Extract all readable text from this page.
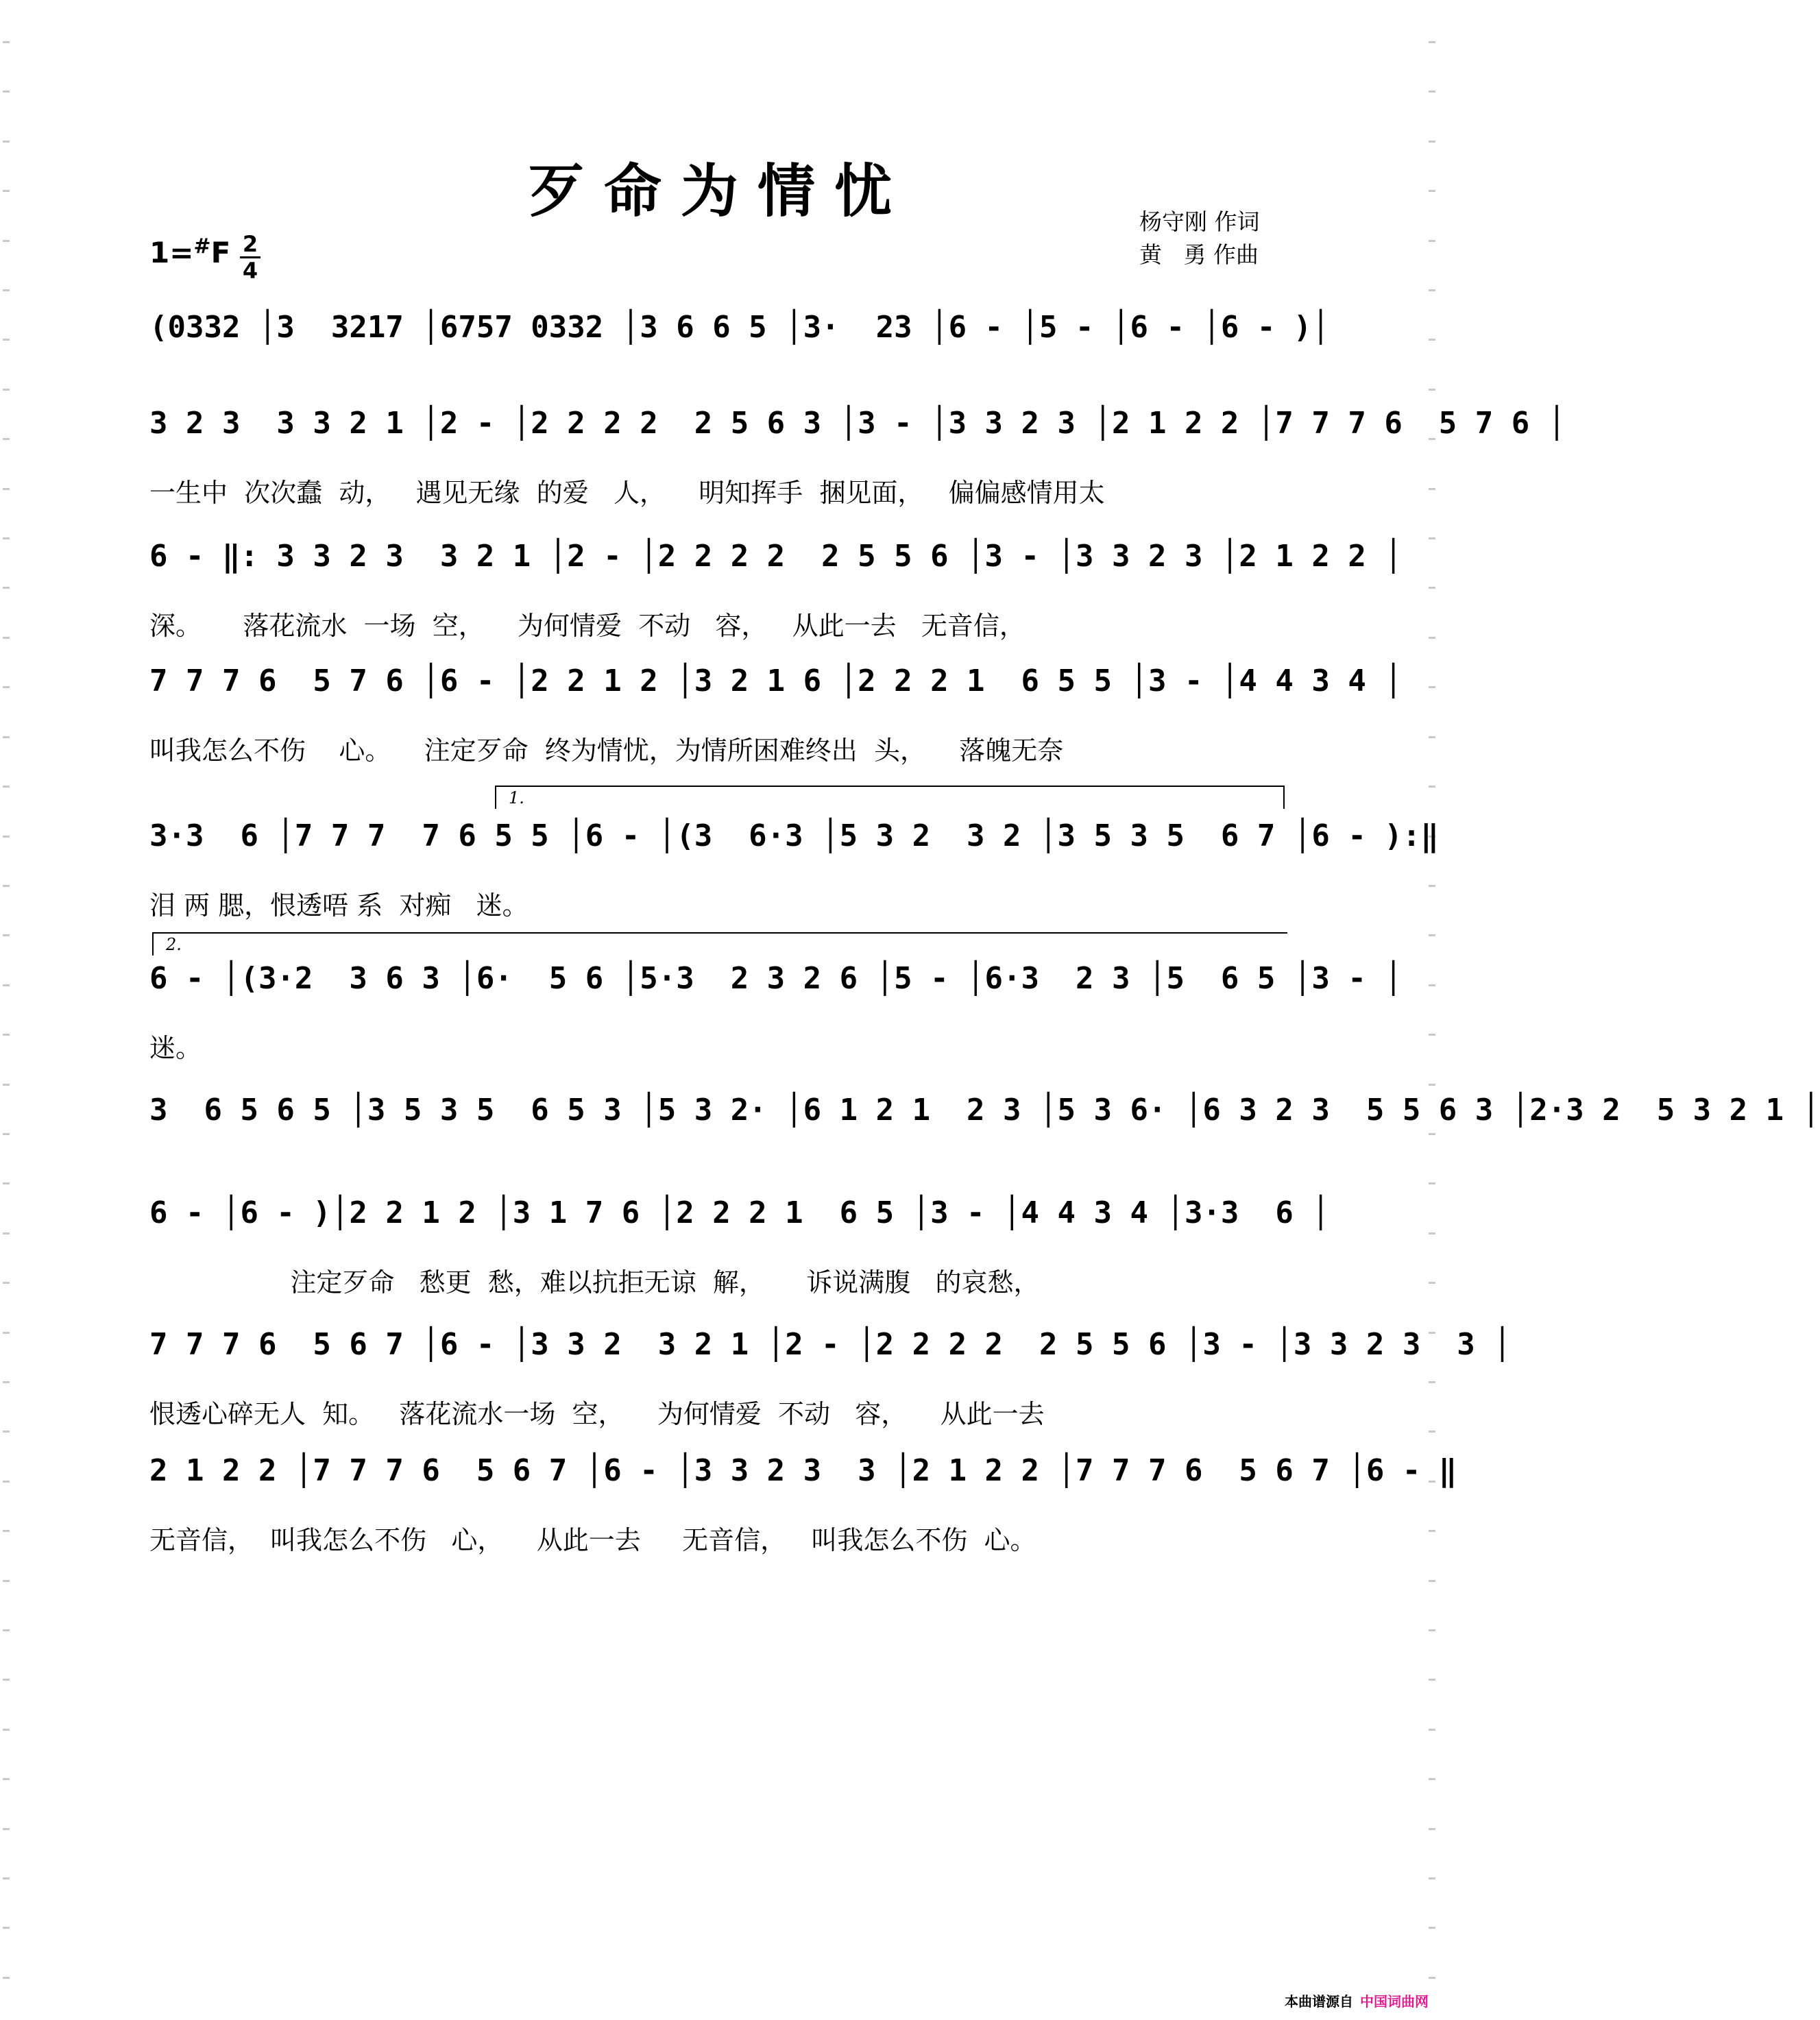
歹命为情忧	杨守刚 作词
黄   勇 作曲
1=#F 2
4
(0332 │3  3217 │6757 0332 │3 6 6 5 │3·  23 │6 - │5 - │6 - │6 - )│
3 2 3  3 3 2 1 │2 - │2 2 2 2  2 5 6 3 │3 - │3 3 2 3 │2 1 2 2 │7 7 7 6  5 7 6 │
一生中  次次蠢  动，   遇见无缘  的爱   人，    明知挥手  捆见面，   偏偏感情用太
6 - ‖: 3 3 2 3  3 2 1 │2 - │2 2 2 2  2 5 5 6 │3 - │3 3 2 3 │2 1 2 2 │
深。     落花流水  一场  空，    为何情爱  不动   容，   从此一去   无音信，
7 7 7 6  5 7 6 │6 - │2 2 1 2 │3 2 1 6 │2 2 2 1  6 5 5 │3 - │4 4 3 4 │
叫我怎么不伤    心。    注定歹命  终为情忧，为情所困难终出  头，    落魄无奈
1.
3·3  6 │7 7 7  7 6 5 5 │6 - │(3  6·3 │5 3 2  3 2 │3 5 3 5  6 7 │6 - ):‖
泪 两 腮，恨透唔 系  对痴   迷。
2.
6 - │(3·2  3 6 3 │6·  5 6 │5·3  2 3 2 6 │5 - │6·3  2 3 │5  6 5 │3 - │
迷。
3  6 5 6 5 │3 5 3 5  6 5 3 │5 3 2· │6 1 2 1  2 3 │5 3 6· │6 3 2 3  5 5 6 3 │2·3 2  5 3 2 1 │
6 - │6 - )│2 2 1 2 │3 1 7 6 │2 2 2 1  6 5 │3 - │4 4 3 4 │3·3  6 │
注定歹命   愁更  愁，难以抗拒无谅  解，     诉说满腹   的哀愁，
7 7 7 6  5 6 7 │6 - │3 3 2  3 2 1 │2 - │2 2 2 2  2 5 5 6 │3 - │3 3 2 3  3 │
恨透心碎无人  知。   落花流水一场  空，    为何情爱  不动   容，    从此一去
2 1 2 2 │7 7 7 6  5 6 7 │6 - │3 3 2 3  3 │2 1 2 2 │7 7 7 6  5 6 7 │6 - ‖
无音信，  叫我怎么不伤   心，    从此一去     无音信，   叫我怎么不伤  心。
本曲谱源自 中国词曲网
